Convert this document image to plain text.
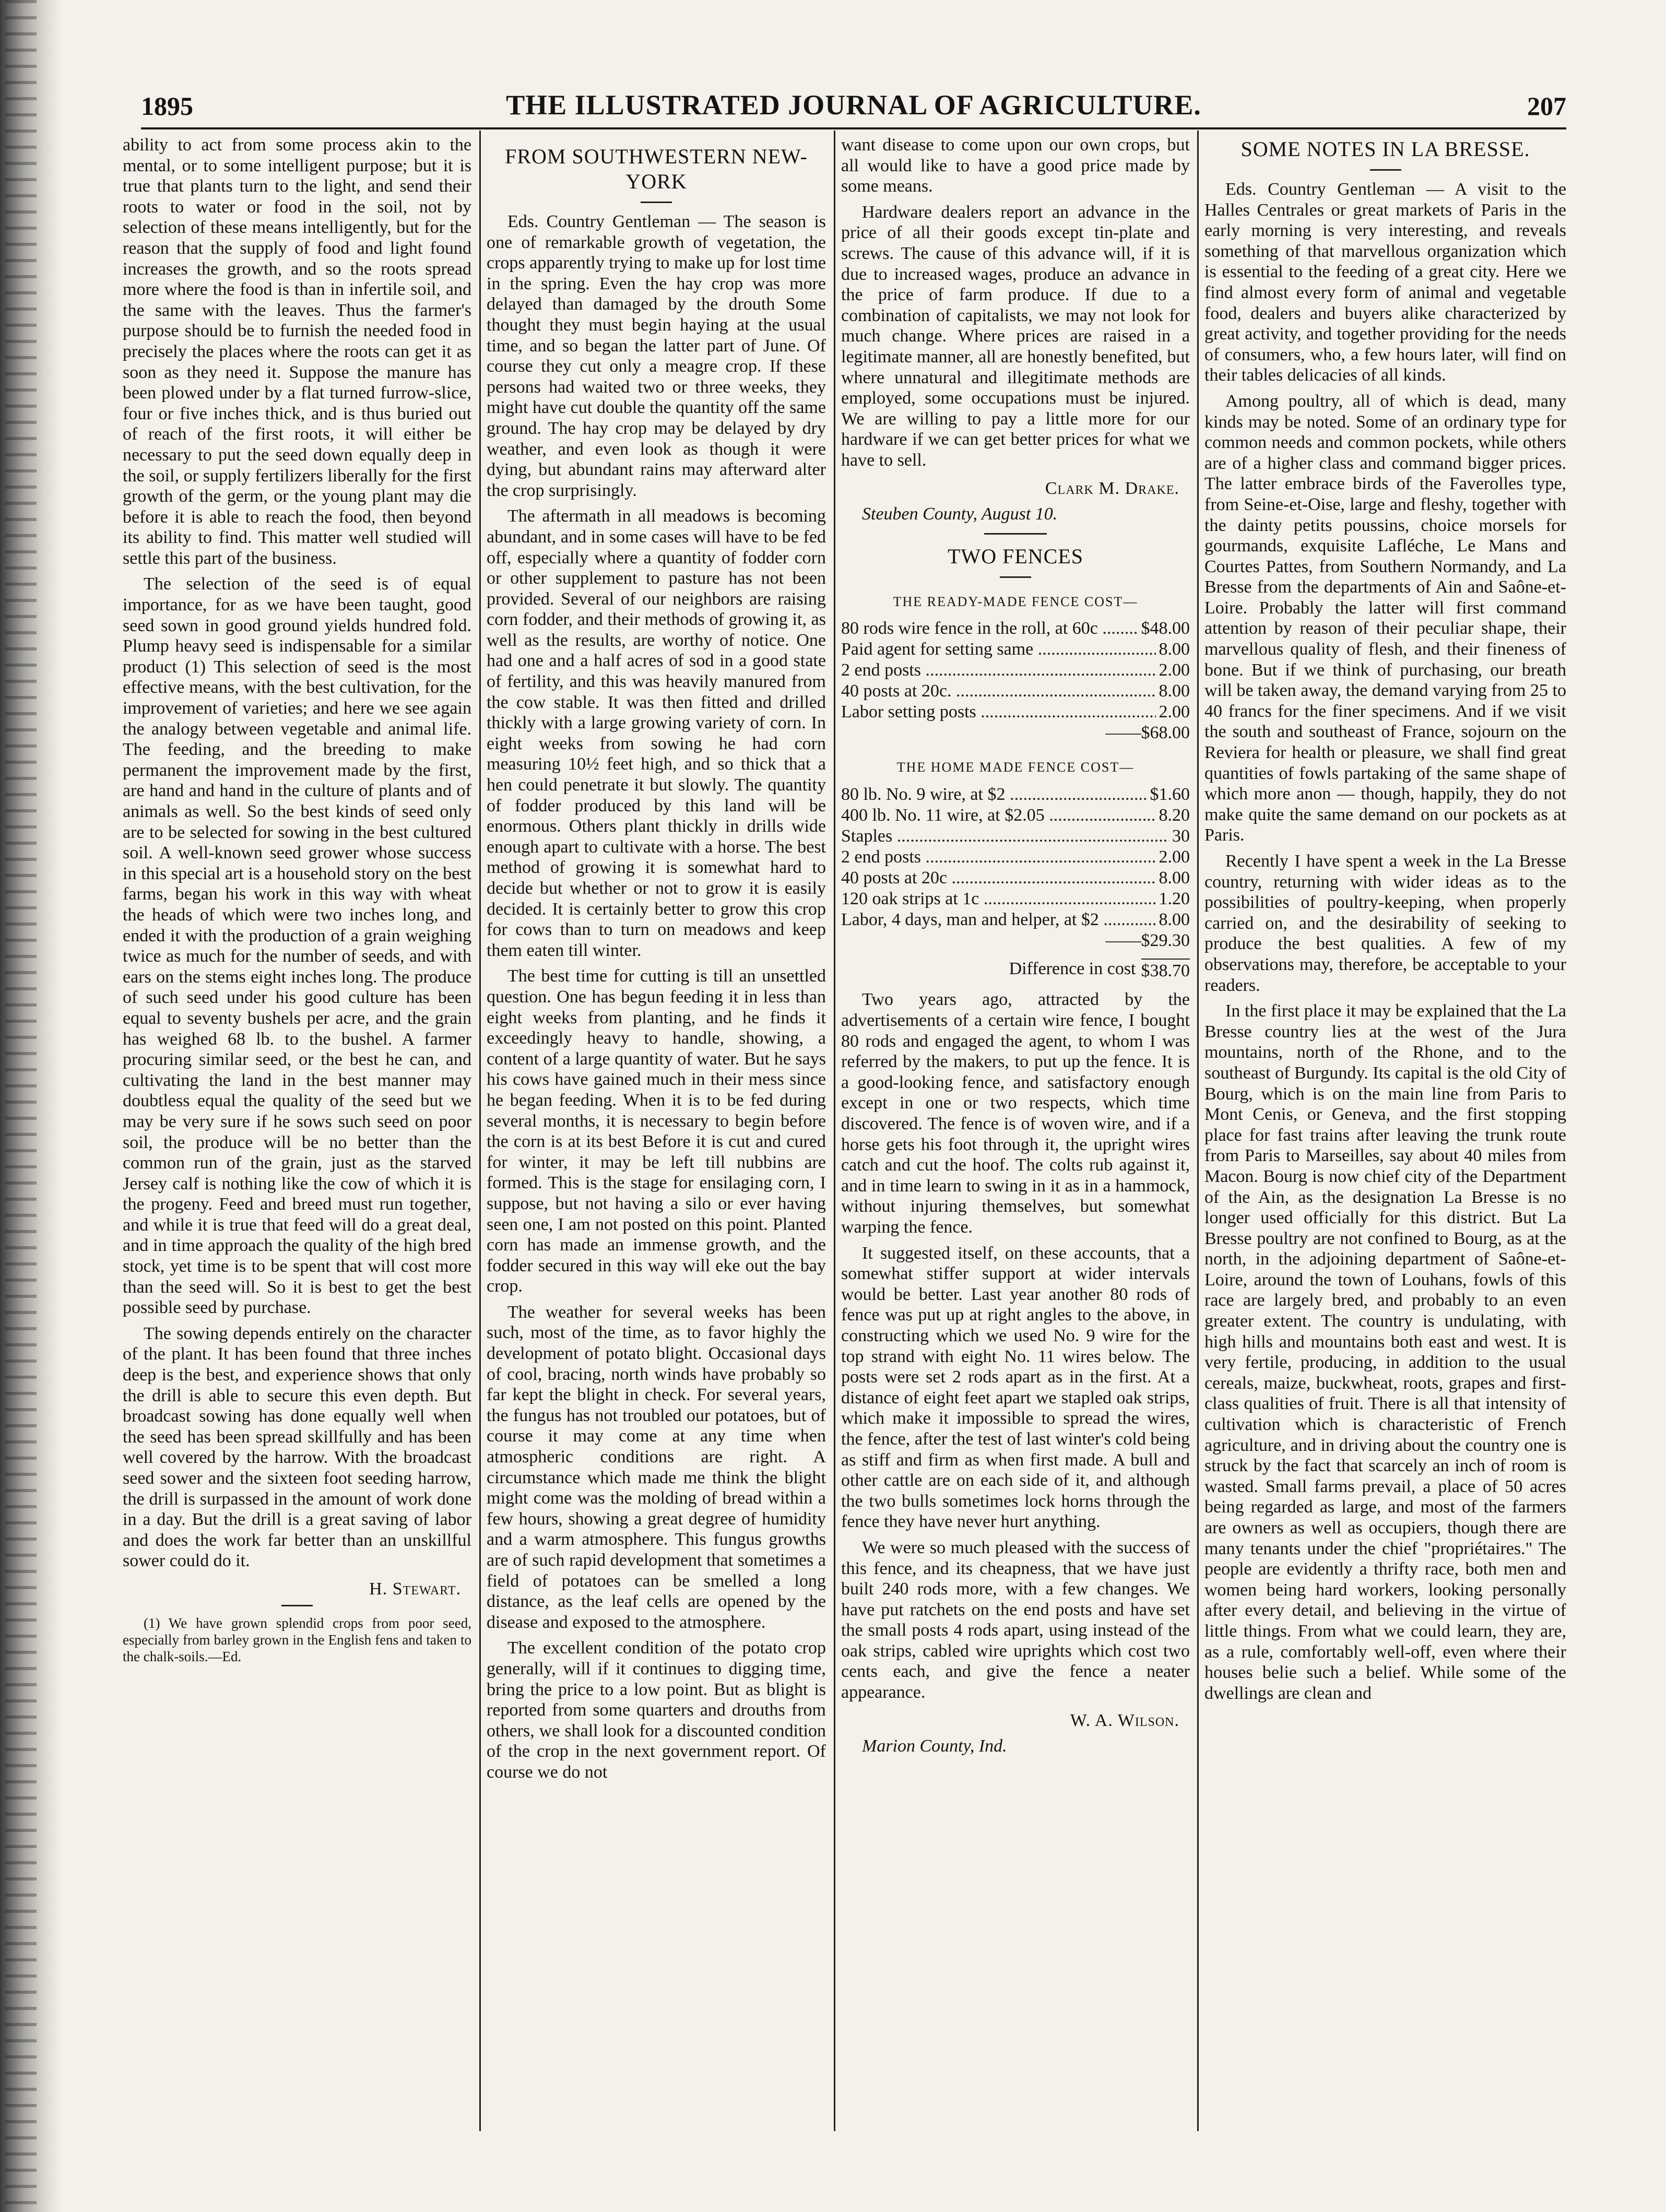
1895	THE ILLUSTRATED JOURNAL OF AGRICULTURE.	207

ability to act from some process akin to the mental, or to some intelligent purpose; but it is true that plants turn to the light, and send their roots to water or food in the soil, not by selection of these means intelligently, but for the reason that the supply of food and light found increases the growth, and so the roots spread more where the food is than in infertile soil, and the same with the leaves. Thus the farmer's purpose should be to furnish the needed food in precisely the places where the roots can get it as soon as they need it. Suppose the manure has been plowed under by a flat turned furrow-slice, four or five inches thick, and is thus buried out of reach of the first roots, it will either be necessary to put the seed down equally deep in the soil, or supply fertilizers liberally for the first growth of the germ, or the young plant may die before it is able to reach the food, then beyond its ability to find. This matter well studied will settle this part of the business.

The selection of the seed is of equal importance, for as we have been taught, good seed sown in good ground yields hundred fold. Plump heavy seed is indispensable for a similar product (1) This selection of seed is the most effective means, with the best cultivation, for the improvement of varieties; and here we see again the analogy between vegetable and animal life. The feeding, and the breeding to make permanent the improvement made by the first, are hand and hand in the culture of plants and of animals as well. So the best kinds of seed only are to be selected for sowing in the best cultured soil. A well-known seed grower whose success in this special art is a household story on the best farms, began his work in this way with wheat the heads of which were two inches long, and ended it with the production of a grain weighing twice as much for the number of seeds, and with ears on the stems eight inches long. The produce of such seed under his good culture has been equal to seventy bushels per acre, and the grain has weighed 68 lb. to the bushel. A farmer procuring similar seed, or the best he can, and cultivating the land in the best manner may doubtless equal the quality of the seed but we may be very sure if he sows such seed on poor soil, the produce will be no better than the common run of the grain, just as the starved Jersey calf is nothing like the cow of which it is the progeny. Feed and breed must run together, and while it is true that feed will do a great deal, and in time approach the quality of the high bred stock, yet time is to be spent that will cost more than the seed will. So it is best to get the best possible seed by purchase.

The sowing depends entirely on the character of the plant. It has been found that three inches deep is the best, and experience shows that only the drill is able to secure this even depth. But broadcast sowing has done equally well when the seed has been spread skillfully and has been well covered by the harrow. With the broadcast seed sower and the sixteen foot seeding harrow, the drill is surpassed in the amount of work done in a day. But the drill is a great saving of labor and does the work far better than an unskillful sower could do it.

H. Stewart.

(1) We have grown splendid crops from poor seed, especially from barley grown in the English fens and taken to the chalk-soils.—Ed.

FROM SOUTHWESTERN NEW-YORK

Eds. Country Gentleman — The season is one of remarkable growth of vegetation, the crops apparently trying to make up for lost time in the spring. Even the hay crop was more delayed than damaged by the drouth Some thought they must begin haying at the usual time, and so began the latter part of June. Of course they cut only a meagre crop. If these persons had waited two or three weeks, they might have cut double the quantity off the same ground. The hay crop may be delayed by dry weather, and even look as though it were dying, but abundant rains may afterward alter the crop surprisingly.

The aftermath in all meadows is becoming abundant, and in some cases will have to be fed off, especially where a quantity of fodder corn or other supplement to pasture has not been provided. Several of our neighbors are raising corn fodder, and their methods of growing it, as well as the results, are worthy of notice. One had one and a half acres of sod in a good state of fertility, and this was heavily manured from the cow stable. It was then fitted and drilled thickly with a large growing variety of corn. In eight weeks from sowing he had corn measuring 10½ feet high, and so thick that a hen could penetrate it but slowly. The quantity of fodder produced by this land will be enormous. Others plant thickly in drills wide enough apart to cultivate with a horse. The best method of growing it is somewhat hard to decide but whether or not to grow it is easily decided. It is certainly better to grow this crop for cows than to turn on meadows and keep them eaten till winter.

The best time for cutting is till an unsettled question. One has begun feeding it in less than eight weeks from planting, and he finds it exceedingly heavy to handle, showing, a content of a large quantity of water. But he says his cows have gained much in their mess since he began feeding. When it is to be fed during several months, it is necessary to begin before the corn is at its best Before it is cut and cured for winter, it may be left till nubbins are formed. This is the stage for ensilaging corn, I suppose, but not having a silo or ever having seen one, I am not posted on this point. Planted corn has made an immense growth, and the fodder secured in this way will eke out the bay crop.

The weather for several weeks has been such, most of the time, as to favor highly the development of potato blight. Occasional days of cool, bracing, north winds have probably so far kept the blight in check. For several years, the fungus has not troubled our potatoes, but of course it may come at any time when atmospheric conditions are right. A circumstance which made me think the blight might come was the molding of bread within a few hours, showing a great degree of humidity and a warm atmosphere. This fungus growths are of such rapid development that sometimes a field of potatoes can be smelled a long distance, as the leaf cells are opened by the disease and exposed to the atmosphere.

The excellent condition of the potato crop generally, will if it continues to digging time, bring the price to a low point. But as blight is reported from some quarters and drouths from others, we shall look for a discounted condition of the crop in the next government report. Of course we do not

want disease to come upon our own crops, but all would like to have a good price made by some means.

Hardware dealers report an advance in the price of all their goods except tin-plate and screws. The cause of this advance will, if it is due to increased wages, produce an advance in the price of farm produce. If due to a combination of capitalists, we may not look for much change. Where prices are raised in a legitimate manner, all are honestly benefited, but where unnatural and illegitimate methods are employed, some occupations must be injured. We are willing to pay a little more for our hardware if we can get better prices for what we have to sell.

Clark M. Drake.
Steuben County, August 10.
TWO FENCES
THE READY-MADE FENCE COST—
80 rods wire fence in the roll, at 60c .....	$48.00
Paid agent for setting same .....	8.00
2 end posts .....	2.00
40 posts at 20c. .....	8.00
Labor setting posts .....	2.00
——$68.00
THE HOME MADE FENCE COST—
80 lb. No. 9 wire, at $2 .....	$1.60
400 lb. No. 11 wire, at $2.05 .....	8.20
Staples .....	30
2 end posts .....	2.00
40 posts at 20c .....	8.00
120 oak strips at 1c .....	1.20
Labor, 4 days, man and helper, at $2 .....	8.00
——$29.30
Difference in cost $38.70

Two years ago, attracted by the advertisements of a certain wire fence, I bought 80 rods and engaged the agent, to whom I was referred by the makers, to put up the fence. It is a good-looking fence, and satisfactory enough except in one or two respects, which time discovered. The fence is of woven wire, and if a horse gets his foot through it, the upright wires catch and cut the hoof. The colts rub against it, and in time learn to swing in it as in a hammock, without injuring themselves, but somewhat warping the fence.

It suggested itself, on these accounts, that a somewhat stiffer support at wider intervals would be better. Last year another 80 rods of fence was put up at right angles to the above, in constructing which we used No. 9 wire for the top strand with eight No. 11 wires below. The posts were set 2 rods apart as in the first. At a distance of eight feet apart we stapled oak strips, which make it impossible to spread the wires, the fence, after the test of last winter's cold being as stiff and firm as when first made. A bull and other cattle are on each side of it, and although the two bulls sometimes lock horns through the fence they have never hurt anything.

We were so much pleased with the success of this fence, and its cheapness, that we have just built 240 rods more, with a few changes. We have put ratchets on the end posts and have set the small posts 4 rods apart, using instead of the oak strips, cabled wire uprights which cost two cents each, and give the fence a neater appearance.

W. A. Wilson.
Marion County, Ind.
SOME NOTES IN LA BRESSE.

Eds. Country Gentleman — A visit to the Halles Centrales or great markets of Paris in the early morning is very interesting, and reveals something of that marvellous organization which is essential to the feeding of a great city. Here we find almost every form of animal and vegetable food, dealers and buyers alike characterized by great activity, and together providing for the needs of consumers, who, a few hours later, will find on their tables delicacies of all kinds.

Among poultry, all of which is dead, many kinds may be noted. Some of an ordinary type for common needs and common pockets, while others are of a higher class and command bigger prices. The latter embrace birds of the Faverolles type, from Seine-et-Oise, large and fleshy, together with the dainty petits poussins, choice morsels for gourmands, exquisite Lafléche, Le Mans and Courtes Pattes, from Southern Normandy, and La Bresse from the departments of Ain and Saône-et-Loire. Probably the latter will first command attention by reason of their peculiar shape, their marvellous quality of flesh, and their fineness of bone. But if we think of purchasing, our breath will be taken away, the demand varying from 25 to 40 francs for the finer specimens. And if we visit the south and southeast of France, sojourn on the Reviera for health or pleasure, we shall find great quantities of fowls partaking of the same shape of which more anon — though, happily, they do not make quite the same demand on our pockets as at Paris.

Recently I have spent a week in the La Bresse country, returning with wider ideas as to the possibilities of poultry-keeping, when properly carried on, and the desirability of seeking to produce the best qualities. A few of my observations may, therefore, be acceptable to your readers.

In the first place it may be explained that the La Bresse country lies at the west of the Jura mountains, north of the Rhone, and to the southeast of Burgundy. Its capital is the old City of Bourg, which is on the main line from Paris to Mont Cenis, or Geneva, and the first stopping place for fast trains after leaving the trunk route from Paris to Marseilles, say about 40 miles from Macon. Bourg is now chief city of the Department of the Ain, as the designation La Bresse is no longer used officially for this district. But La Bresse poultry are not confined to Bourg, as at the north, in the adjoining department of Saône-et-Loire, around the town of Louhans, fowls of this race are largely bred, and probably to an even greater extent. The country is undulating, with high hills and mountains both east and west. It is very fertile, producing, in addition to the usual cereals, maize, buckwheat, roots, grapes and first-class qualities of fruit. There is all that intensity of cultivation which is characteristic of French agriculture, and in driving about the country one is struck by the fact that scarcely an inch of room is wasted. Small farms prevail, a place of 50 acres being regarded as large, and most of the farmers are owners as well as occupiers, though there are many tenants under the chief "propriétaires." The people are evidently a thrifty race, both men and women being hard workers, looking personally after every detail, and believing in the virtue of little things. From what we could learn, they are, as a rule, comfortably well-off, even where their houses belie such a belief. While some of the dwellings are clean and
